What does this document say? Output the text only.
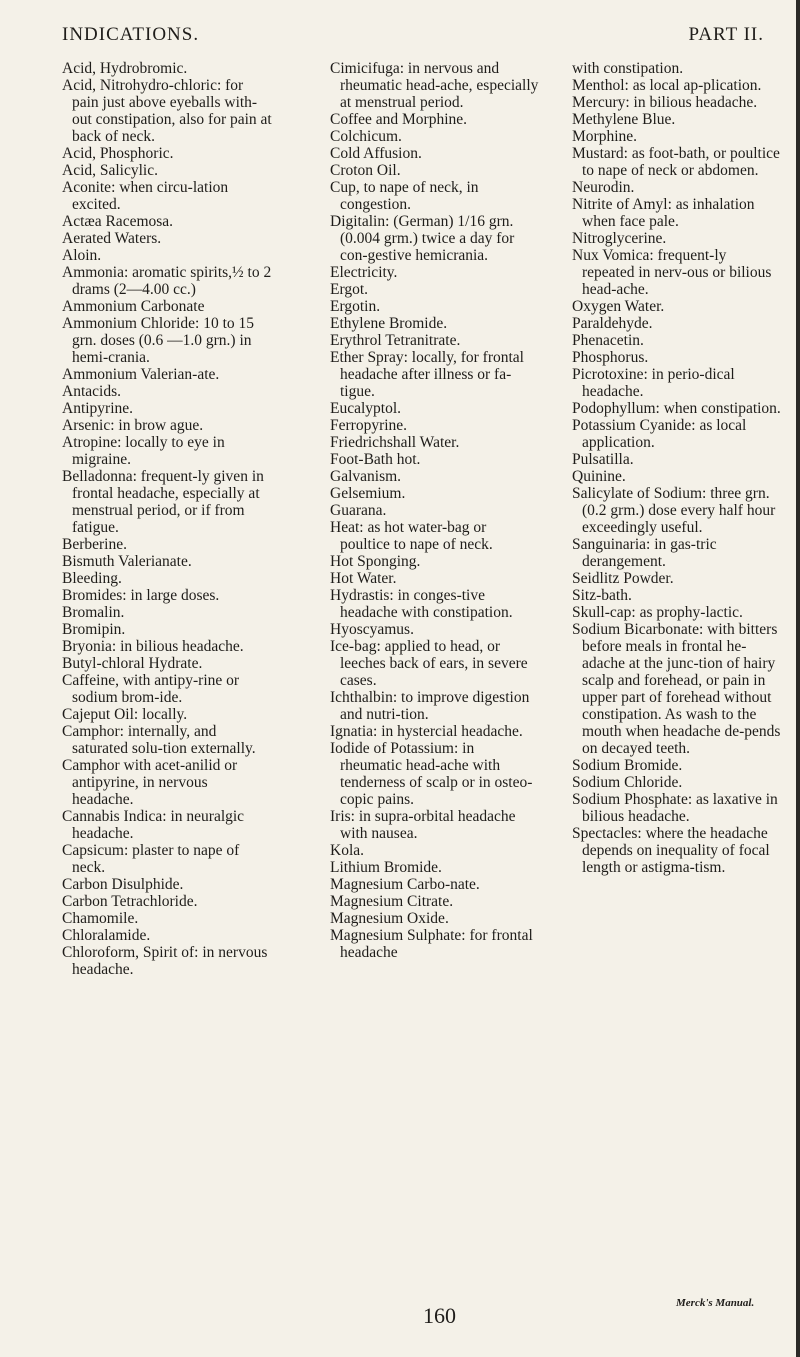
INDICATIONS.	PART II.
Acid, Hydrobromic.
Acid, Nitrohydro-chloric: for pain just above eyeballs with-out constipation, also for pain at back of neck.
Acid, Phosphoric.
Acid, Salicylic.
Aconite: when circu-lation excited.
Actæa Racemosa.
Aerated Waters.
Aloin.
Ammonia: aromatic spirits,½ to 2 drams (2—4.00 cc.)
Ammonium Carbonate
Ammonium Chloride: 10 to 15 grn. doses (0.6 —1.0 grn.) in hemi-crania.
Ammonium Valerian-ate.
Antacids.
Antipyrine.
Arsenic: in brow ague.
Atropine: locally to eye in migraine.
Belladonna: frequent-ly given in frontal headache, especially at menstrual period, or if from fatigue.
Berberine.
Bismuth Valerianate.
Bleeding.
Bromides: in large doses.
Bromalin.
Bromipin.
Bryonia: in bilious headache.
Butyl-chloral Hydrate.
Caffeine, with antipy-rine or sodium brom-ide.
Cajeput Oil: locally.
Camphor: internally, and saturated solu-tion externally.
Camphor with acet-anilid or antipyrine, in nervous headache.
Cannabis Indica: in neuralgic headache.
Capsicum: plaster to nape of neck.
Carbon Disulphide.
Carbon Tetrachloride.
Chamomile.
Chloralamide.
Chloroform, Spirit of: in nervous headache.
Cimicifuga: in nervous and rheumatic head-ache, especially at menstrual period.
Coffee and Morphine.
Colchicum.
Cold Affusion.
Croton Oil.
Cup, to nape of neck, in congestion.
Digitalin: (German) 1/16 grn. (0.004 grm.) twice a day for con-gestive hemicrania.
Electricity.
Ergot.
Ergotin.
Ethylene Bromide.
Erythrol Tetranitrate.
Ether Spray: locally, for frontal headache after illness or fa-tigue.
Eucalyptol.
Ferropyrine.
Friedrichshall Water.
Foot-Bath hot.
Galvanism.
Gelsemium.
Guarana.
Heat: as hot water-bag or poultice to nape of neck.
Hot Sponging.
Hot Water.
Hydrastis: in conges-tive headache with constipation.
Hyoscyamus.
Ice-bag: applied to head, or leeches back of ears, in severe cases.
Ichthalbin: to improve digestion and nutri-tion.
Ignatia: in hystercial headache.
Iodide of Potassium: in rheumatic head-ache with tenderness of scalp or in osteo-copic pains.
Iris: in supra-orbital headache with nausea.
Kola.
Lithium Bromide.
Magnesium Carbo-nate.
Magnesium Citrate.
Magnesium Oxide.
Magnesium Sulphate: for frontal headache
with constipation.
Menthol: as local ap-plication.
Mercury: in bilious headache.
Methylene Blue.
Morphine.
Mustard: as foot-bath, or poultice to nape of neck or abdomen.
Neurodin.
Nitrite of Amyl: as inhalation when face pale.
Nitroglycerine.
Nux Vomica: frequent-ly repeated in nerv-ous or bilious head-ache.
Oxygen Water.
Paraldehyde.
Phenacetin.
Phosphorus.
Picrotoxine: in perio-dical headache.
Podophyllum: when constipation.
Potassium Cyanide: as local application.
Pulsatilla.
Quinine.
Salicylate of Sodium: three grn. (0.2 grm.) dose every half hour exceedingly useful.
Sanguinaria: in gas-tric derangement.
Seidlitz Powder.
Sitz-bath.
Skull-cap: as prophy-lactic.
Sodium Bicarbonate: with bitters before meals in frontal he-adache at the junc-tion of hairy scalp and forehead, or pain in upper part of forehead without constipation. As wash to the mouth when headache de-pends on decayed teeth.
Sodium Bromide.
Sodium Chloride.
Sodium Phosphate: as laxative in bilious headache.
Spectacles: where the headache depends on inequality of focal length or astigma-tism.
160	Merck's Manual.
